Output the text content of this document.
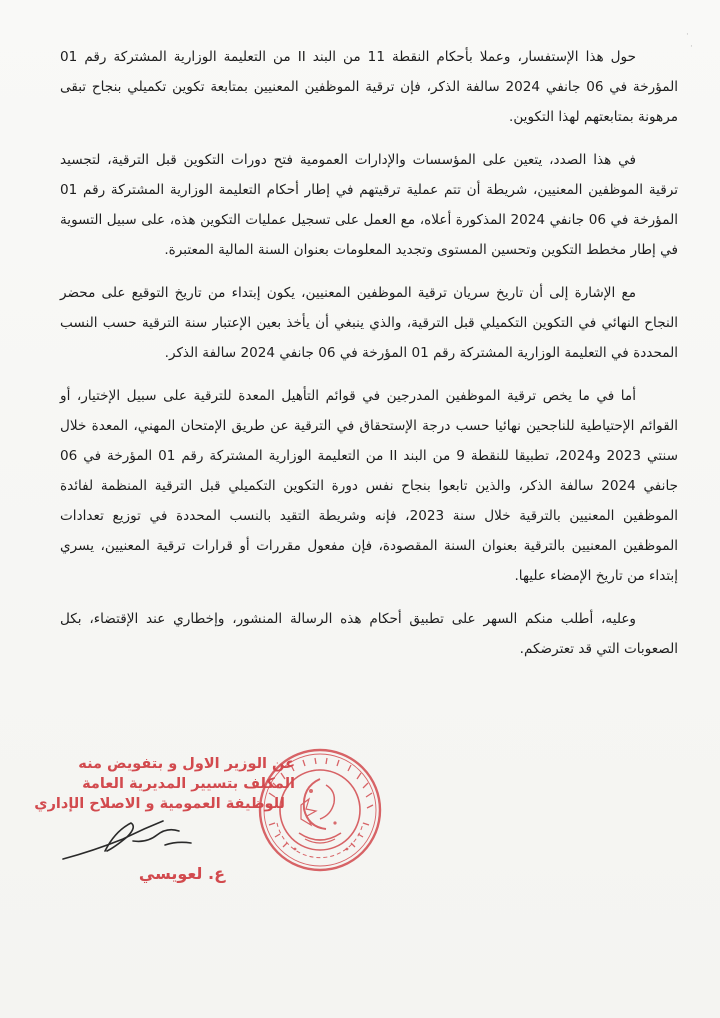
·
·

حول هذا الإستفسار، وعملا بأحكام النقطة 11 من البند II من التعليمة الوزارية المشتركة رقم 01 المؤرخة في 06 جانفي 2024 سالفة الذكر، فإن ترقية الموظفين المعنيين بمتابعة تكوين تكميلي بنجاح تبقى مرهونة بمتابعتهم لهذا التكوين.

في هذا الصدد، يتعين على المؤسسات والإدارات العمومية فتح دورات التكوين قبل الترقية، لتجسيد ترقية الموظفين المعنيين، شريطة أن تتم عملية ترقيتهم في إطار أحكام التعليمة الوزارية المشتركة رقم 01 المؤرخة في 06 جانفي 2024 المذكورة أعلاه، مع العمل على تسجيل عمليات التكوين هذه، على سبيل التسوية في إطار مخطط التكوين وتحسين المستوى وتجديد المعلومات بعنوان السنة المالية المعتبرة.

مع الإشارة إلى أن تاريخ سريان ترقية الموظفين المعنيين، يكون إبتداء من تاريخ التوقيع على محضر النجاح النهائي في التكوين التكميلي قبل الترقية، والذي ينبغي أن يأخذ بعين الإعتبار سنة الترقية حسب النسب المحددة في التعليمة الوزارية المشتركة رقم 01 المؤرخة في 06 جانفي 2024 سالفة الذكر.

أما في ما يخص ترقية الموظفين المدرجين في قوائم التأهيل المعدة للترقية على سبيل الإختيار، أو القوائم الإحتياطية للناجحين نهائيا حسب درجة الإستحقاق في الترقية عن طريق الإمتحان المهني، المعدة خلال سنتي 2023 و2024، تطبيقا للنقطة 9 من البند II من التعليمة الوزارية المشتركة رقم 01 المؤرخة في 06 جانفي 2024 سالفة الذكر، والذين تابعوا بنجاح نفس دورة التكوين التكميلي قبل الترقية المنظمة لفائدة الموظفين المعنيين بالترقية خلال سنة 2023، فإنه وشريطة التقيد بالنسب المحددة في توزيع تعدادات الموظفين المعنيين بالترقية بعنوان السنة المقصودة، فإن مفعول مقررات أو قرارات ترقية المعنيين، يسري إبتداء من تاريخ الإمضاء عليها.

وعليه، أطلب منكم السهر على تطبيق أحكام هذه الرسالة المنشور، وإخطاري عند الإقتضاء، بكل الصعوبات التي قد تعترضكم.

عن الوزير الاول و بتفويض منه
المكلف بتسيير المديرية العامة
للوظيفة العمومية و الاصلاح الإداري
ع. لعويسي
